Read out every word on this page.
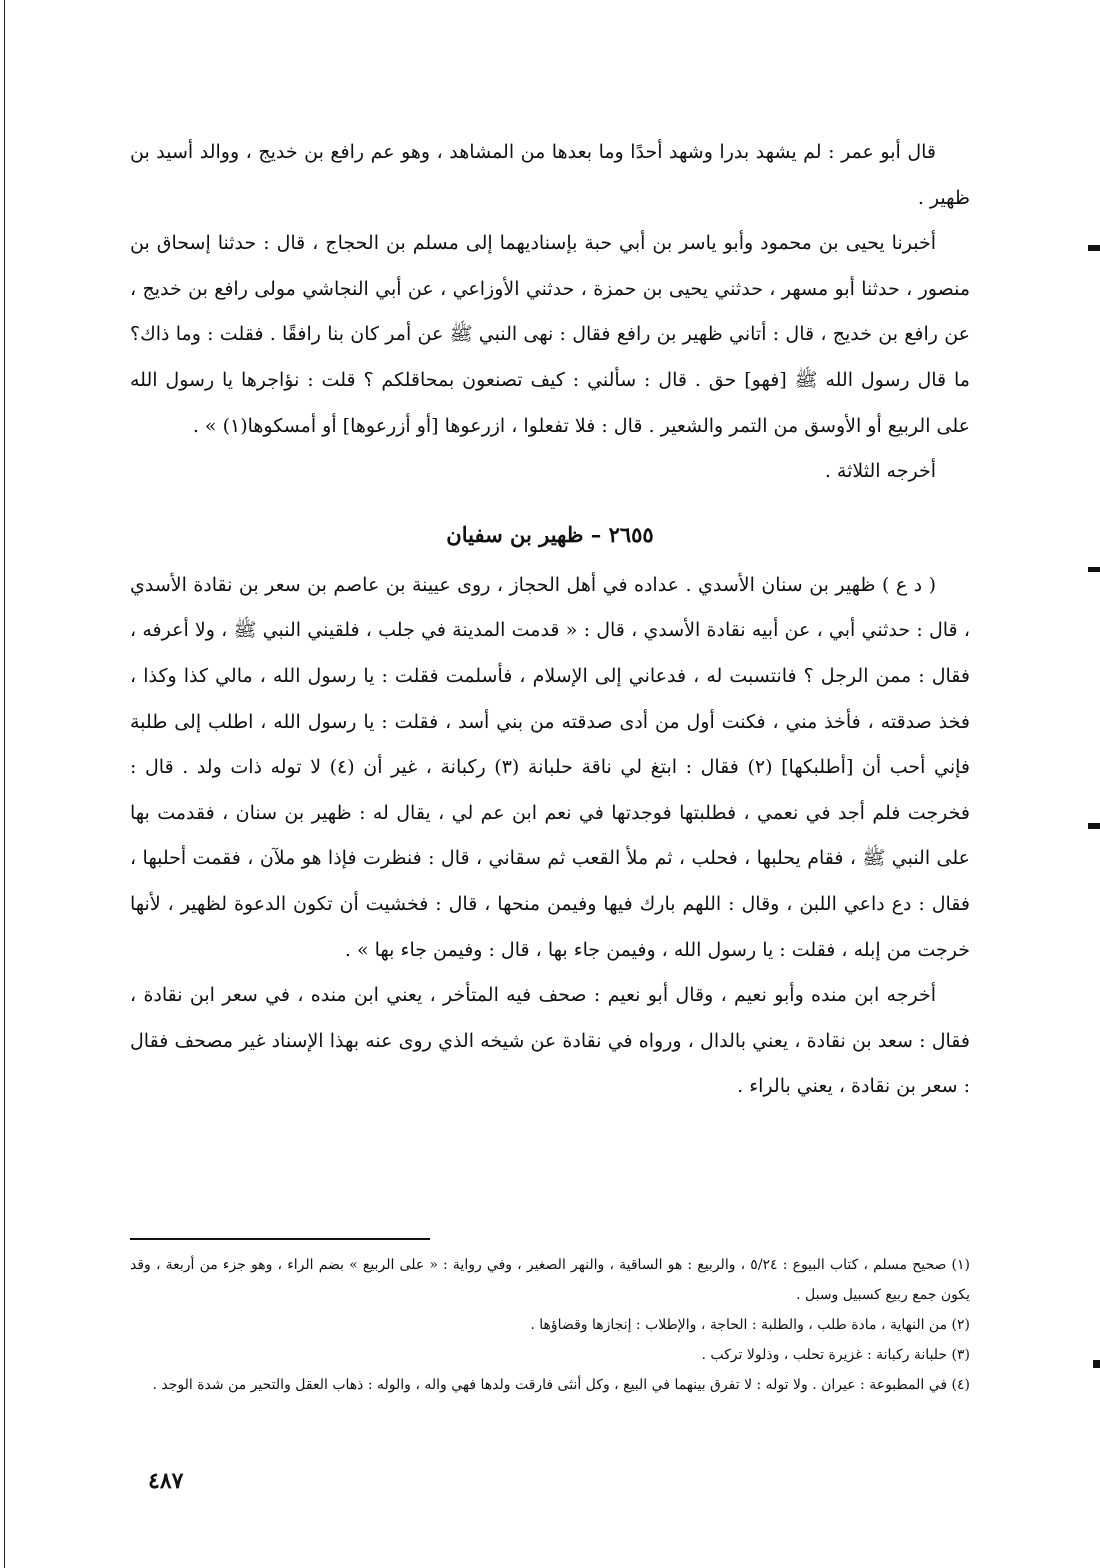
قال أبو عمر : لم يشهد بدرا وشهد أحدًا وما بعدها من المشاهد ، وهو عم رافع بن خديج ، ووالد أسيد بن ظهير .

أخبرنا يحيى بن محمود وأبو ياسر بن أبي حبة بإسناديهما إلى مسلم بن الحجاج ، قال : حدثنا إسحاق بن منصور ، حدثنا أبو مسهر ، حدثني يحيى بن حمزة ، حدثني الأوزاعي ، عن أبي النجاشي مولى رافع بن خديج ، عن رافع بن خديج ، قال : أتاني ظهير بن رافع فقال : نهى النبي ﷺ عن أمر كان بنا رافقًا . فقلت : وما ذاك؟ ما قال رسول الله ﷺ [فهو] حق . قال : سألني : كيف تصنعون بمحاقلكم ؟ قلت : نؤاجرها يا رسول الله على الربيع أو الأوسق من التمر والشعير . قال : فلا تفعلوا ، ازرعوها [أو أزرعوها] أو أمسكوها(١) » .

أخرجه الثلاثة .

٢٦٥٥ – ظهير بن سفيان

( د ع ) ظهير بن سنان الأسدي . عداده في أهل الحجاز ، روى عيينة بن عاصم بن سعر بن نقادة الأسدي ، قال : حدثني أبي ، عن أبيه نقادة الأسدي ، قال : « قدمت المدينة في جلب ، فلقيني النبي ﷺ ، ولا أعرفه ، فقال : ممن الرجل ؟ فانتسبت له ، فدعاني إلى الإسلام ، فأسلمت فقلت : يا رسول الله ، مالي كذا وكذا ، فخذ صدقته ، فأخذ مني ، فكنت أول من أدى صدقته من بني أسد ، فقلت : يا رسول الله ، اطلب إلى طلبة فإني أحب أن [أطلبكها] (٢) فقال : ابتغ لي ناقة حلبانة (٣) ركبانة ، غير أن (٤) لا توله ذات ولد . قال : فخرجت فلم أجد في نعمي ، فطلبتها فوجدتها في نعم ابن عم لي ، يقال له : ظهير بن سنان ، فقدمت بها على النبي ﷺ ، فقام يحلبها ، فحلب ، ثم ملأ القعب ثم سقاني ، قال : فنظرت فإذا هو ملآن ، فقمت أحلبها ، فقال : دع داعي اللبن ، وقال : اللهم بارك فيها وفيمن منحها ، قال : فخشيت أن تكون الدعوة لظهير ، لأنها خرجت من إبله ، فقلت : يا رسول الله ، وفيمن جاء بها ، قال : وفيمن جاء بها » .

أخرجه ابن منده وأبو نعيم ، وقال أبو نعيم : صحف فيه المتأخر ، يعني ابن منده ، في سعر ابن نقادة ، فقال : سعد بن نقادة ، يعني بالدال ، ورواه في نقادة عن شيخه الذي روى عنه بهذا الإسناد غير مصحف فقال : سعر بن نقادة ، يعني بالراء .

(١) صحيح مسلم ، كتاب البيوع : ٥/٢٤ ، والربيع : هو الساقية ، والنهر الصغير ، وفي رواية : « على الربيع » بضم الراء ، وهو جزء من أربعة ، وقد يكون جمع ربيع كسبيل وسبل .

(٢) من النهاية ، مادة طلب ، والطلبة : الحاجة ، والإطلاب : إنجازها وقضاؤها .

(٣) حلبانة ركبانة : غزيرة تحلب ، وذلولا تركب .

(٤) في المطبوعة : عيران . ولا توله : لا تفرق بينهما في البيع ، وكل أنثى فارقت ولدها فهي واله ، والوله : ذهاب العقل والتحير من شدة الوجد .

٤٨٧
